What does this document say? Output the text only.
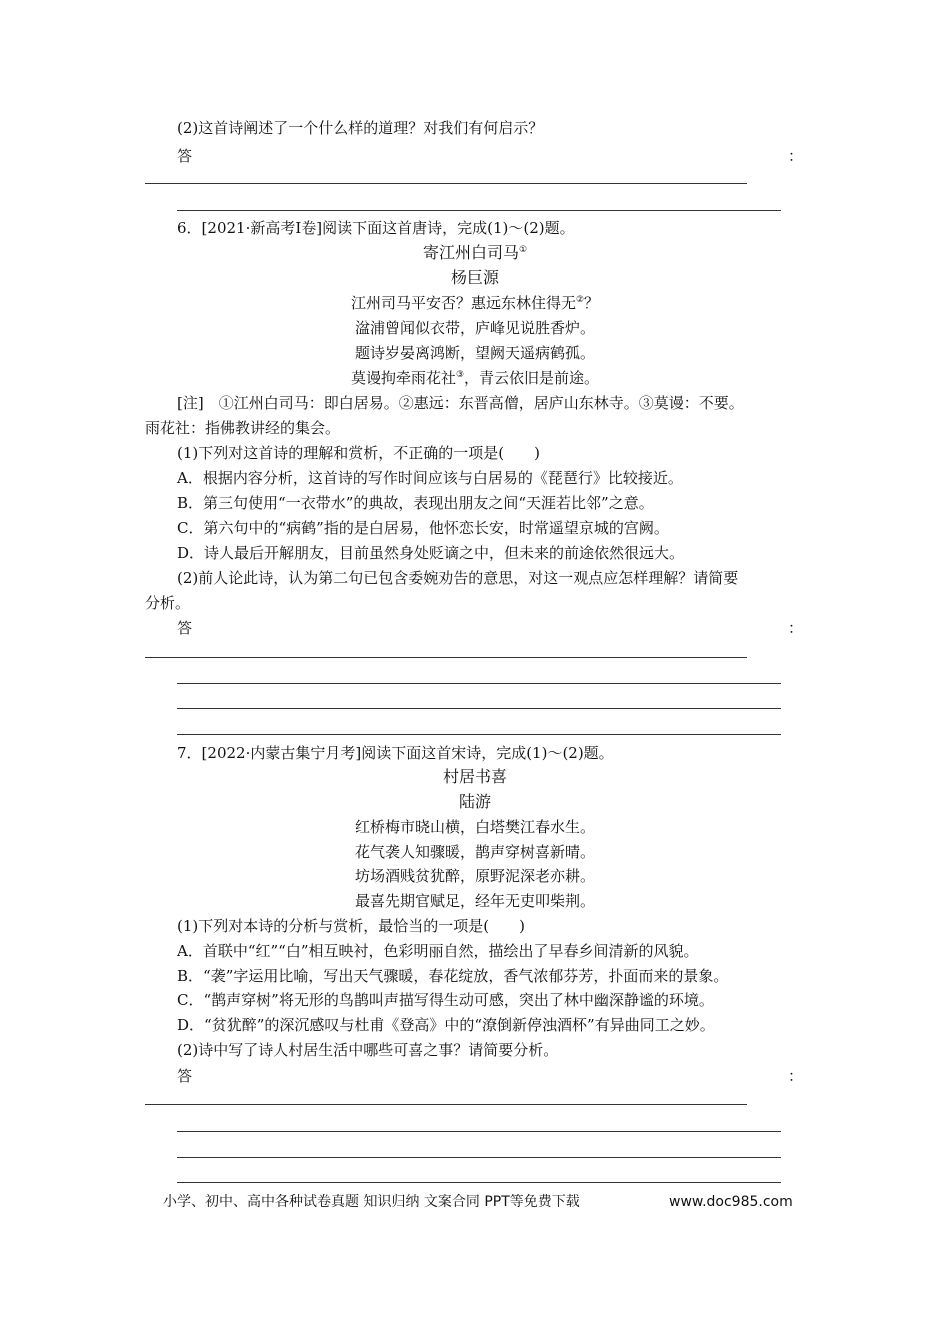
(2)这首诗阐述了一个什么样的道理？对我们有何启示？
答	：
6．[2021·新高考Ⅰ卷]阅读下面这首唐诗，完成(1)～(2)题。
寄江州白司马①
杨巨源
江州司马平安否？惠远东林住得无②？
湓浦曾闻似衣带，庐峰见说胜香炉。
题诗岁晏离鸿断，望阙天遥病鹤孤。
莫谩拘牵雨花社③，青云依旧是前途。
[注]　①江州白司马：即白居易。②惠远：东晋高僧，居庐山东林寺。③莫谩：不要。
雨花社：指佛教讲经的集会。
(1)下列对这首诗的理解和赏析，不正确的一项是(　　)
A．根据内容分析，这首诗的写作时间应该与白居易的《琵琶行》比较接近。
B．第三句使用“一衣带水”的典故，表现出朋友之间“天涯若比邻”之意。
C．第六句中的“病鹤”指的是白居易，他怀恋长安，时常遥望京城的宫阙。
D．诗人最后开解朋友，目前虽然身处贬谪之中，但未来的前途依然很远大。
(2)前人论此诗，认为第二句已包含委婉劝告的意思，对这一观点应怎样理解？请简要
分析。
答	：
7．[2022·内蒙古集宁月考]阅读下面这首宋诗，完成(1)～(2)题。
村居书喜
陆游
红桥梅市晓山横，白塔樊江春水生。
花气袭人知骤暖，鹊声穿树喜新晴。
坊场酒贱贫犹醉，原野泥深老亦耕。
最喜先期官赋足，经年无吏叩柴荆。
(1)下列对本诗的分析与赏析，最恰当的一项是(　　)
A．首联中“红”“白”相互映衬，色彩明丽自然，描绘出了早春乡间清新的风貌。
B．“袭”字运用比喻，写出天气骤暖，春花绽放，香气浓郁芬芳，扑面而来的景象。
C．“鹊声穿树”将无形的鸟鹊叫声描写得生动可感，突出了林中幽深静谧的环境。
D．“贫犹醉”的深沉感叹与杜甫《登高》中的“潦倒新停浊酒杯”有异曲同工之妙。
(2)诗中写了诗人村居生活中哪些可喜之事？请简要分析。
答	：
小学、初中、高中各种试卷真题 知识归纳 文案合同 PPT等免费下载	www.doc985.com
